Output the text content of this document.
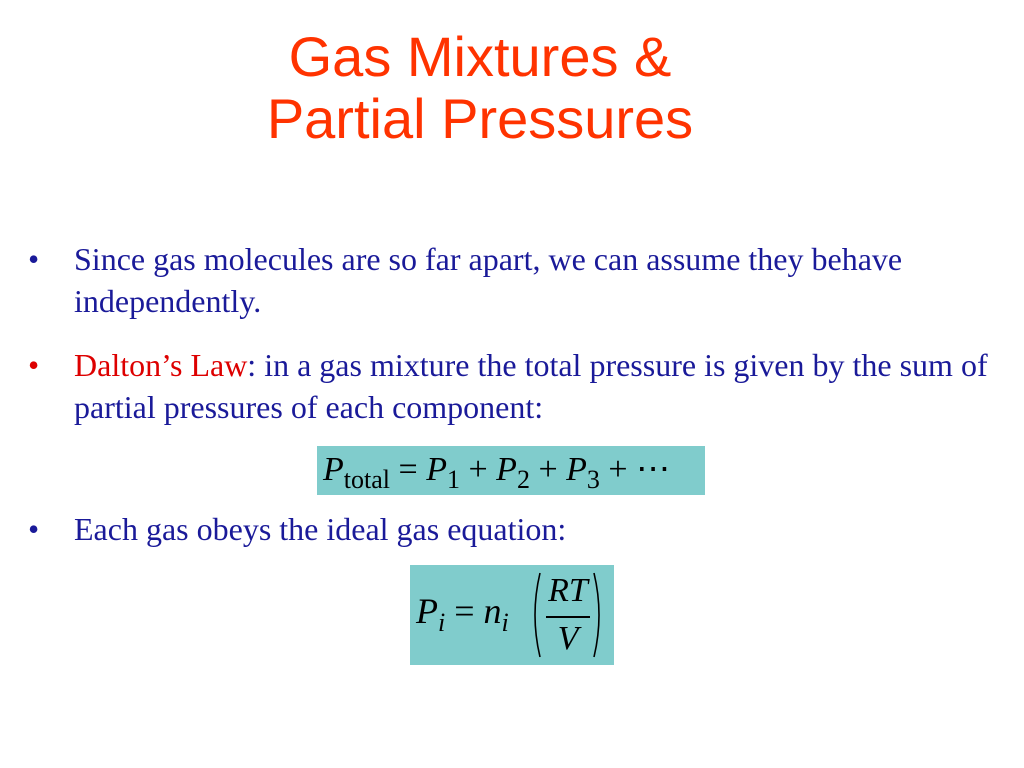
Gas Mixtures &
Partial Pressures
•	Since gas molecules are so far apart, we can assume they behave independently.
•	Dalton’s Law: in a gas mixture the total pressure is given by the sum of partial pressures of each component:
•	Each gas obeys the ideal gas equation:
$P_{total} = P_1 + P_2 + P_3$ + ⋯
$P_i = n_i$
RT
V
